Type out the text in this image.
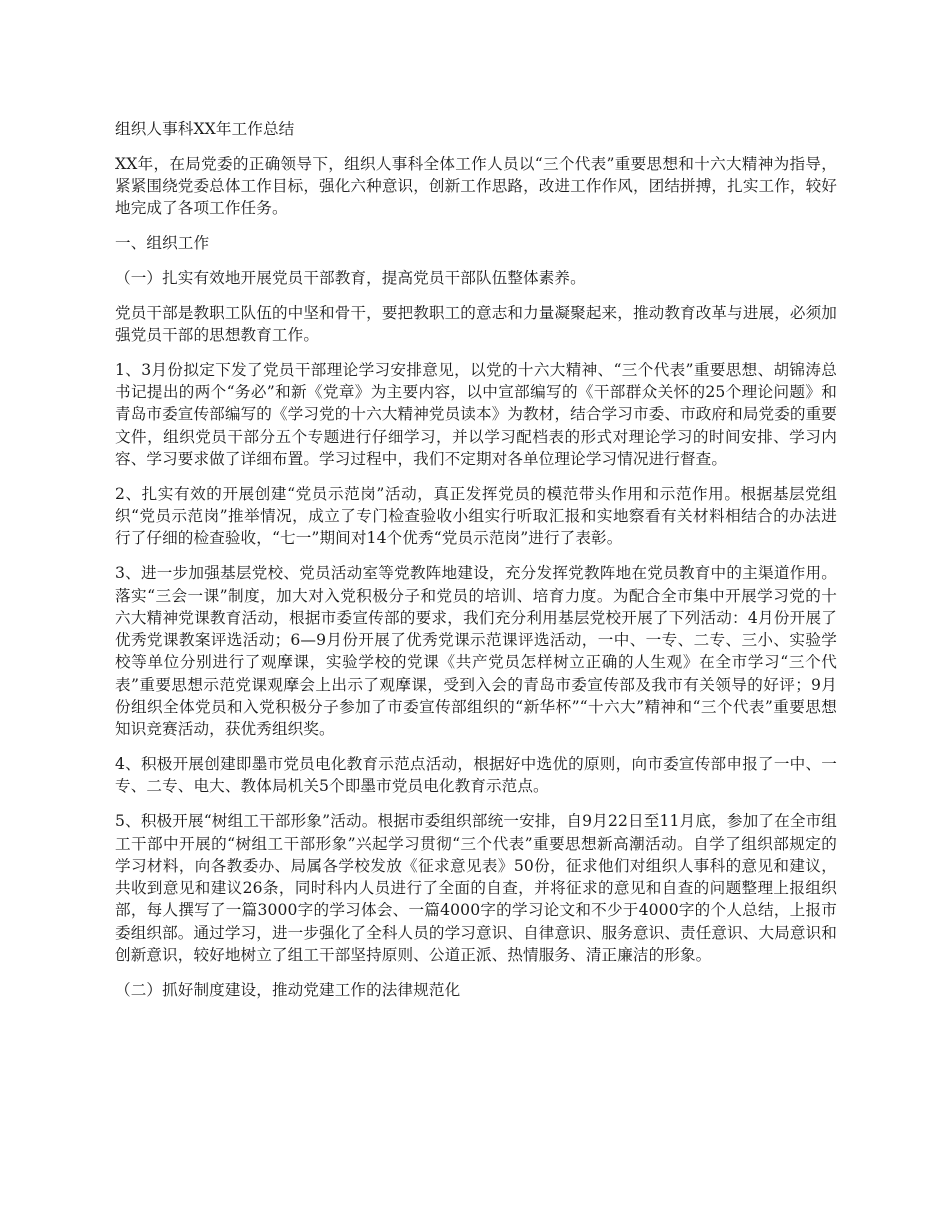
组织人事科XX年工作总结

XX年，在局党委的正确领导下，组织人事科全体工作人员以“三个代表”重要思想和十六大精神为指导，紧紧围绕党委总体工作目标，强化六种意识，创新工作思路，改进工作作风，团结拼搏，扎实工作，较好地完成了各项工作任务。

一、组织工作

（一）扎实有效地开展党员干部教育，提高党员干部队伍整体素养。

党员干部是教职工队伍的中坚和骨干，要把教职工的意志和力量凝聚起来，推动教育改革与进展，必须加强党员干部的思想教育工作。

1、3月份拟定下发了党员干部理论学习安排意见，以党的十六大精神、“三个代表”重要思想、胡锦涛总书记提出的两个“务必”和新《党章》为主要内容，以中宣部编写的《干部群众关怀的25个理论问题》和青岛市委宣传部编写的《学习党的十六大精神党员读本》为教材，结合学习市委、市政府和局党委的重要文件，组织党员干部分五个专题进行仔细学习，并以学习配档表的形式对理论学习的时间安排、学习内容、学习要求做了详细布置。学习过程中，我们不定期对各单位理论学习情况进行督查。

2、扎实有效的开展创建“党员示范岗”活动，真正发挥党员的模范带头作用和示范作用。根据基层党组织“党员示范岗”推举情况，成立了专门检查验收小组实行听取汇报和实地察看有关材料相结合的办法进行了仔细的检查验收，“七一”期间对14个优秀“党员示范岗”进行了表彰。

3、进一步加强基层党校、党员活动室等党教阵地建设，充分发挥党教阵地在党员教育中的主渠道作用。落实“三会一课”制度，加大对入党积极分子和党员的培训、培育力度。为配合全市集中开展学习党的十六大精神党课教育活动，根据市委宣传部的要求，我们充分利用基层党校开展了下列活动：4月份开展了优秀党课教案评选活动；6—9月份开展了优秀党课示范课评选活动，一中、一专、二专、三小、实验学校等单位分别进行了观摩课，实验学校的党课《共产党员怎样树立正确的人生观》在全市学习“三个代表”重要思想示范党课观摩会上出示了观摩课，受到入会的青岛市委宣传部及我市有关领导的好评；9月份组织全体党员和入党积极分子参加了市委宣传部组织的“新华杯”“十六大”精神和“三个代表”重要思想知识竞赛活动，获优秀组织奖。

4、积极开展创建即墨市党员电化教育示范点活动，根据好中选优的原则，向市委宣传部申报了一中、一专、二专、电大、教体局机关5个即墨市党员电化教育示范点。

5、积极开展“树组工干部形象”活动。根据市委组织部统一安排，自9月22日至11月底，参加了在全市组工干部中开展的“树组工干部形象”兴起学习贯彻“三个代表”重要思想新高潮活动。自学了组织部规定的学习材料，向各教委办、局属各学校发放《征求意见表》50份，征求他们对组织人事科的意见和建议，共收到意见和建议26条，同时科内人员进行了全面的自查，并将征求的意见和自查的问题整理上报组织部，每人撰写了一篇3000字的学习体会、一篇4000字的学习论文和不少于4000字的个人总结，上报市委组织部。通过学习，进一步强化了全科人员的学习意识、自律意识、服务意识、责任意识、大局意识和创新意识，较好地树立了组工干部坚持原则、公道正派、热情服务、清正廉洁的形象。

（二）抓好制度建设，推动党建工作的法律规范化
